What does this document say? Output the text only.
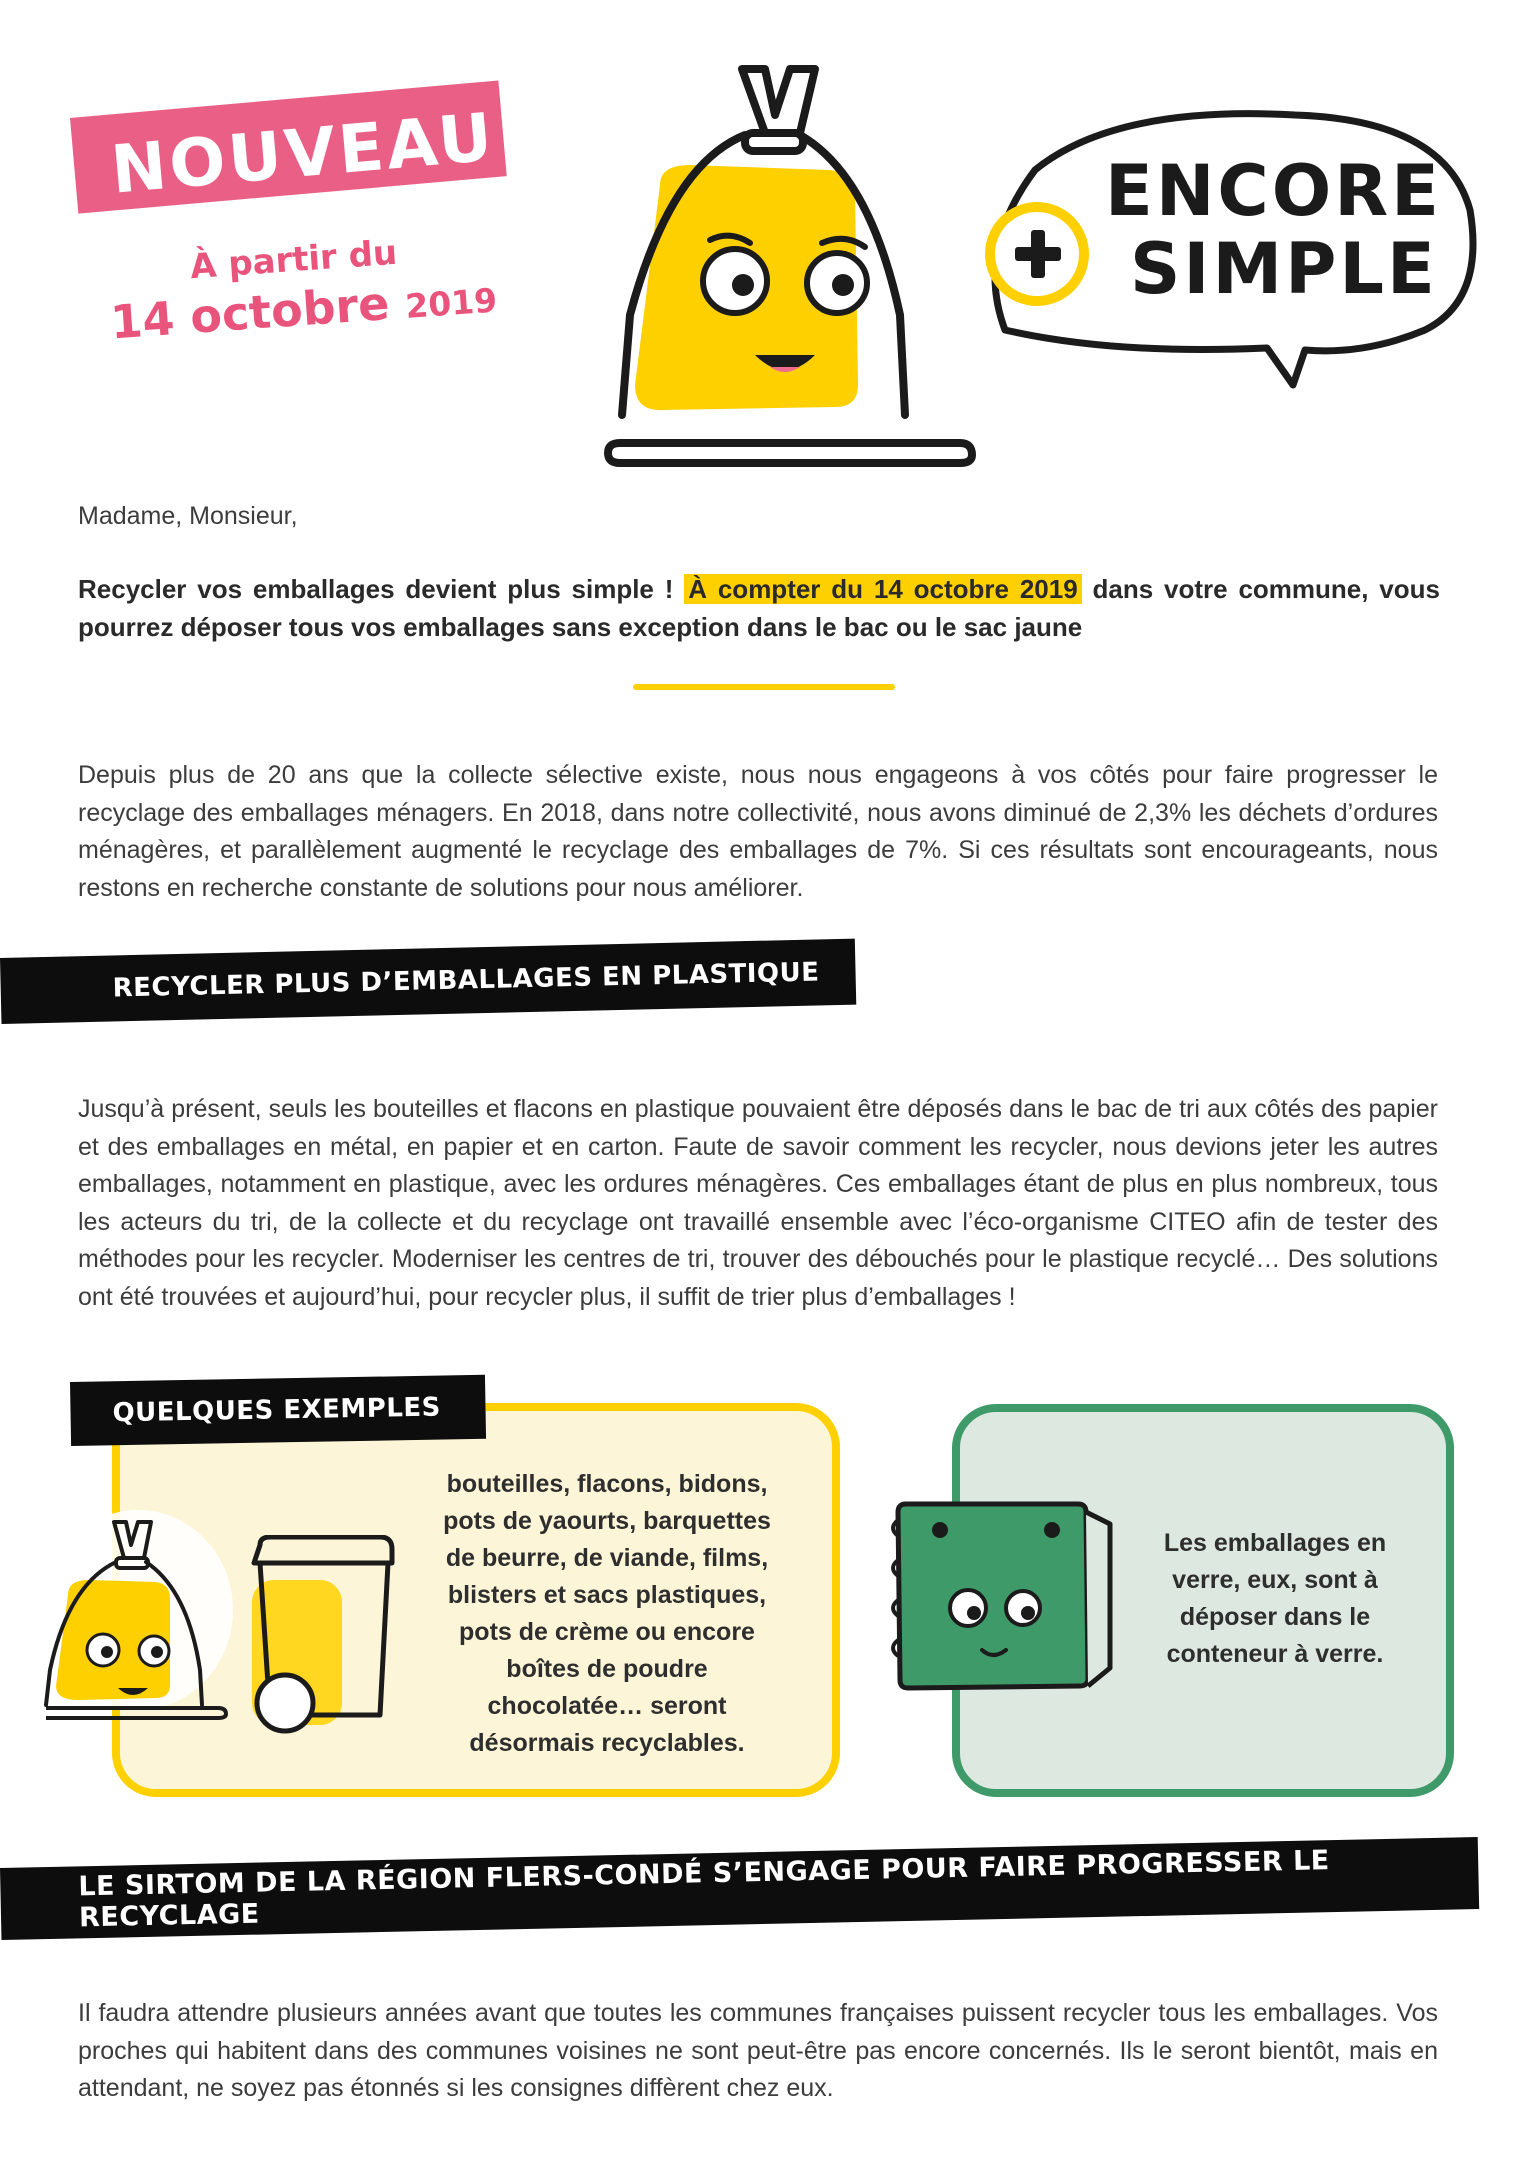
NOUVEAU
À partir du
14 octobre 2019
ENCORE
SIMPLE
Madame, Monsieur,
Recycler vos emballages devient plus simple ! À compter du 14 octobre 2019 dans votre commune, vous pourrez déposer tous vos emballages sans exception dans le bac ou le sac jaune
Depuis plus de 20 ans que la collecte sélective existe, nous nous engageons à vos côtés pour faire progresser le recyclage des emballages ménagers. En 2018, dans notre collectivité, nous avons diminué de 2,3% les déchets d’ordures ménagères, et parallèlement augmenté le recyclage des emballages de 7%. Si ces résultats sont encourageants, nous restons en recherche constante de solutions pour nous améliorer.
RECYCLER PLUS D’EMBALLAGES EN PLASTIQUE
Jusqu’à présent, seuls les bouteilles et flacons en plastique pouvaient être déposés dans le bac de tri aux côtés des papier et des emballages en métal, en papier et en carton. Faute de savoir comment les recycler, nous devions jeter les autres emballages, notamment en plastique, avec les ordures ménagères. Ces emballages étant de plus en plus nombreux, tous les acteurs du tri, de la collecte et du recyclage ont travaillé ensemble avec l’éco-organisme CITEO afin de tester des méthodes pour les recycler. Moderniser les centres de tri, trouver des débouchés pour le plastique recyclé… Des solutions ont été trouvées et aujourd’hui, pour recycler plus, il suffit de trier plus d’emballages !
QUELQUES EXEMPLES
bouteilles, flacons, bidons, pots de yaourts, barquettes de beurre, de viande, films, blisters et sacs plastiques, pots de crème ou encore boîtes de poudre chocolatée… seront désormais recyclables.
Les emballages en verre, eux, sont à déposer dans le conteneur à verre.
LE SIRTOM DE LA RÉGION FLERS-CONDÉ S’ENGAGE POUR FAIRE PROGRESSER LE RECYCLAGE
Il faudra attendre plusieurs années avant que toutes les communes françaises puissent recycler tous les emballages. Vos proches qui habitent dans des communes voisines ne sont peut-être pas encore concernés. Ils le seront bientôt, mais en attendant, ne soyez pas étonnés si les consignes diffèrent chez eux.
